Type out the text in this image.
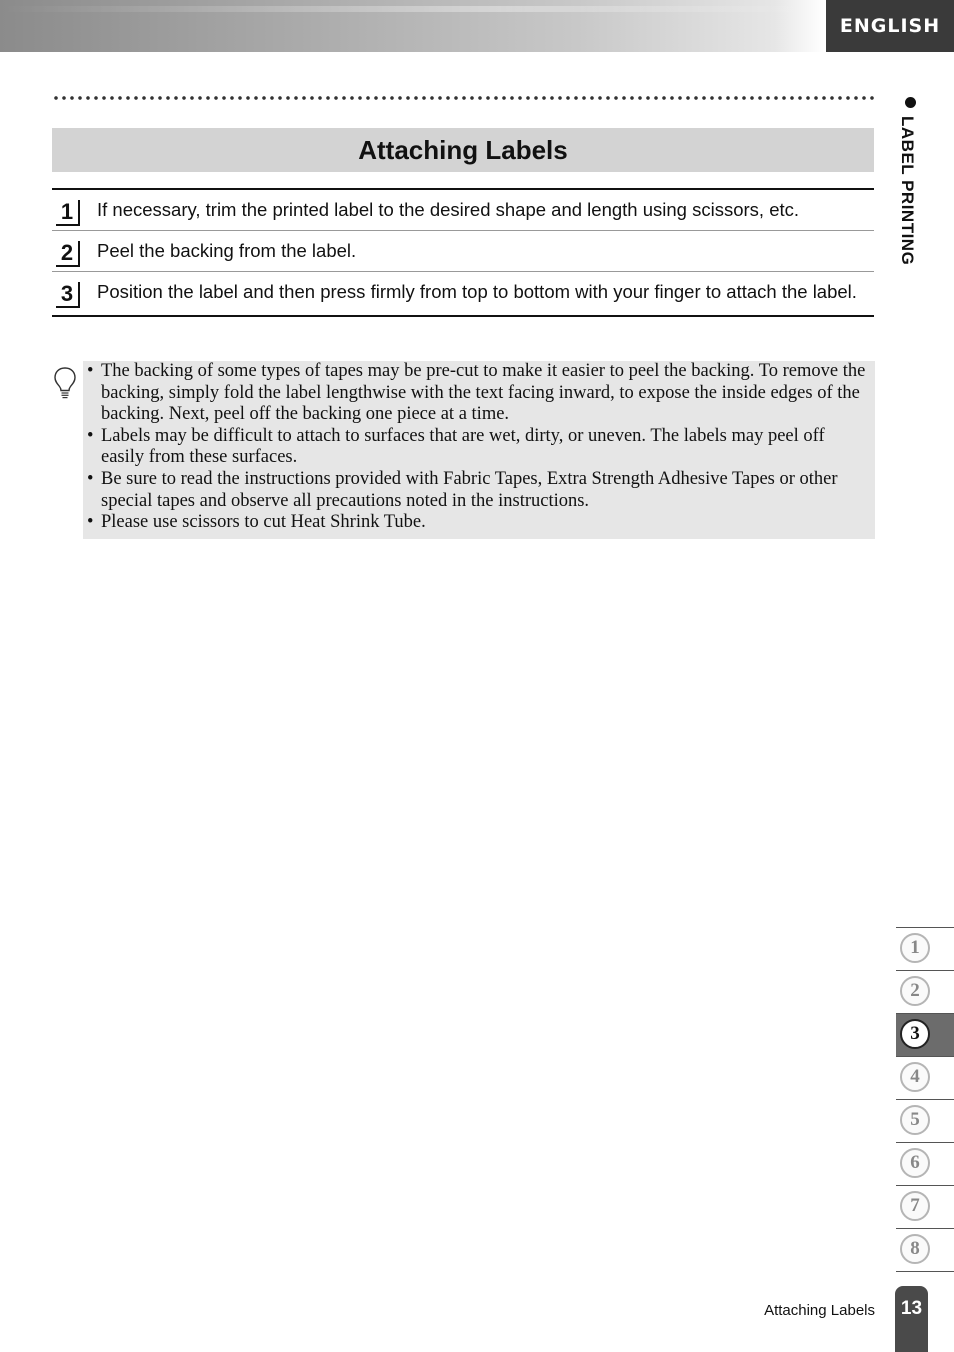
ENGLISH
LABEL PRINTING
Attaching Labels
1	If necessary, trim the printed label to the desired shape and length using scissors, etc.
2	Peel the backing from the label.
3	Position the label and then press firmly from top to bottom with your finger to attach the label.
• The backing of some types of tapes may be pre-cut to make it easier to peel the backing. To remove the backing, simply fold the label lengthwise with the text facing inward, to expose the inside edges of the backing. Next, peel off the backing one piece at a time.
• Labels may be difficult to attach to surfaces that are wet, dirty, or uneven. The labels may peel off easily from these surfaces.
• Be sure to read the instructions provided with Fabric Tapes, Extra Strength Adhesive Tapes or other special tapes and observe all precautions noted in the instructions.
• Please use scissors to cut Heat Shrink Tube.
1
2
3
4
5
6
7
8
Attaching Labels	13
